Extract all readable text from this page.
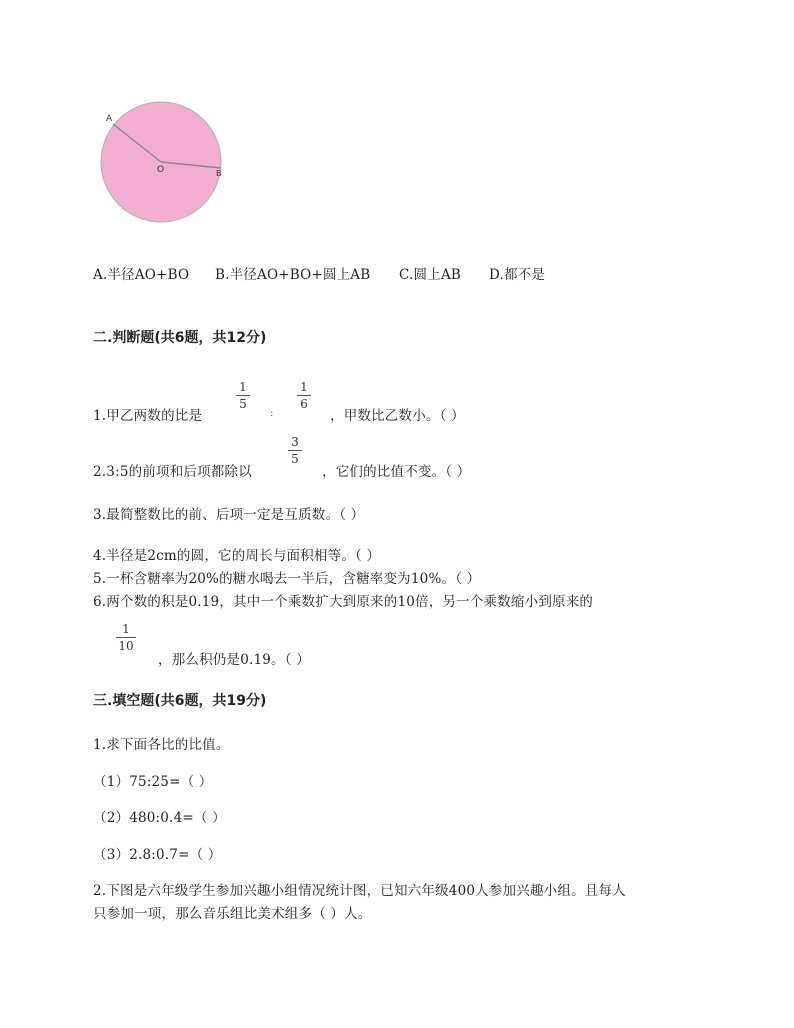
A
O	B
A.半径AO+BO B.半径AO+BO+圆上AB C.圆上AB D.都不是
二.判断题(共6题，共12分)
1.甲乙两数的比是
1
5
:
1
6
，甲数比乙数小。（ ）
2.3:5的前项和后项都除以
3
5
，它们的比值不变。（ ）
3.最简整数比的前、后项一定是互质数。（ ）
4.半径是2cm的圆，它的周长与面积相等。（ ）
5.一杯含糖率为20%的糖水喝去一半后，含糖率变为10%。（ ）
6.两个数的积是0.19，其中一个乘数扩大到原来的10倍，另一个乘数缩小到原来的
1
10
，那么积仍是0.19。（ ）
三.填空题(共6题，共19分)
1.求下面各比的比值。
（1）75:25=（ ）
（2）480:0.4=（ ）
（3）2.8:0.7=（ ）
2.下图是六年级学生参加兴趣小组情况统计图，已知六年级400人参加兴趣小组。且每人
只参加一项，那么音乐组比美术组多（ ）人。
